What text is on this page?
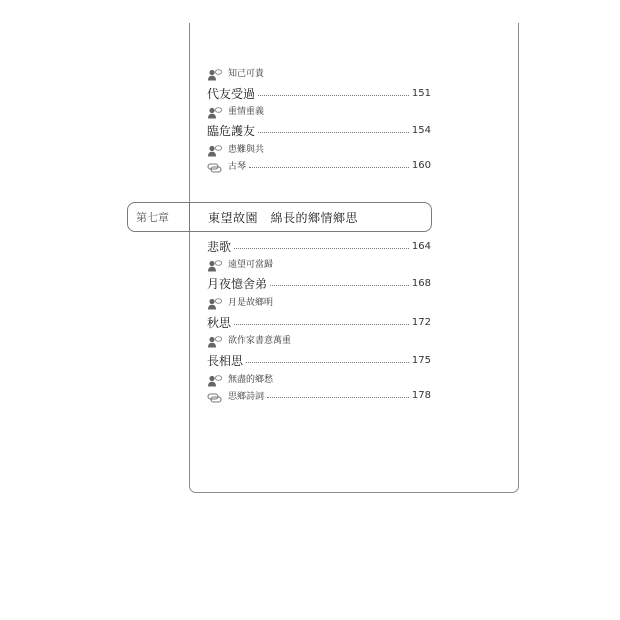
知己可貴
代友受過	151
重情重義
臨危護友	154
患難與共
古琴	160
第七章	東望故園　綿長的鄉情鄉思
悲歌	164
遠望可當歸
月夜憶舍弟	168
月是故鄉明
秋思	172
欲作家書意萬重
長相思	175
無盡的鄉愁
思鄉詩詞	178
